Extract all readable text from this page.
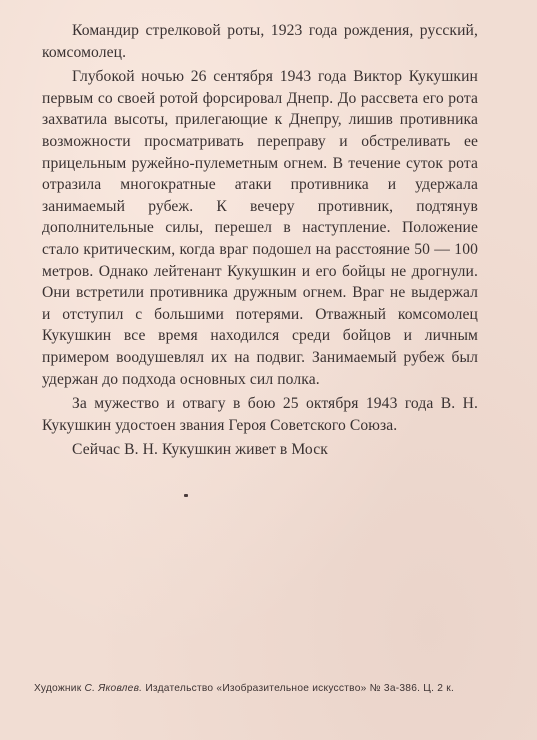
Командир стрелковой роты, 1923 года рождения, русский, комсомолец.

Глубокой ночью 26 сентября 1943 года Виктор Кукушкин первым со своей ротой форсировал Днепр. До рассвета его рота захватила высоты, прилегающие к Днепру, лишив противника возможности просматривать переправу и обстреливать ее прицельным ружейно-пулеметным огнем. В течение суток рота отразила многократные атаки противника и удержала занимаемый рубеж. К вечеру противник, подтянув дополнительные силы, перешел в наступление. Положение стало критическим, когда враг подошел на расстояние 50 — 100 метров. Однако лейтенант Кукушкин и его бойцы не дрогнули. Они встретили противника дружным огнем. Враг не выдержал и отступил с большими потерями. Отважный комсомолец Кукушкин все время находился среди бойцов и личным примером воодушевлял их на подвиг. Занимаемый рубеж был удержан до подхода основных сил полка.

За мужество и отвагу в бою 25 октября 1943 года В. Н. Кукушкин удостоен звания Героя Советского Союза.

Сейчас В. Н. Кукушкин живет в Моск

Художник С. Яковлев. Издательство «Изобразительное искусство» № 3а-386. Ц. 2 к.
